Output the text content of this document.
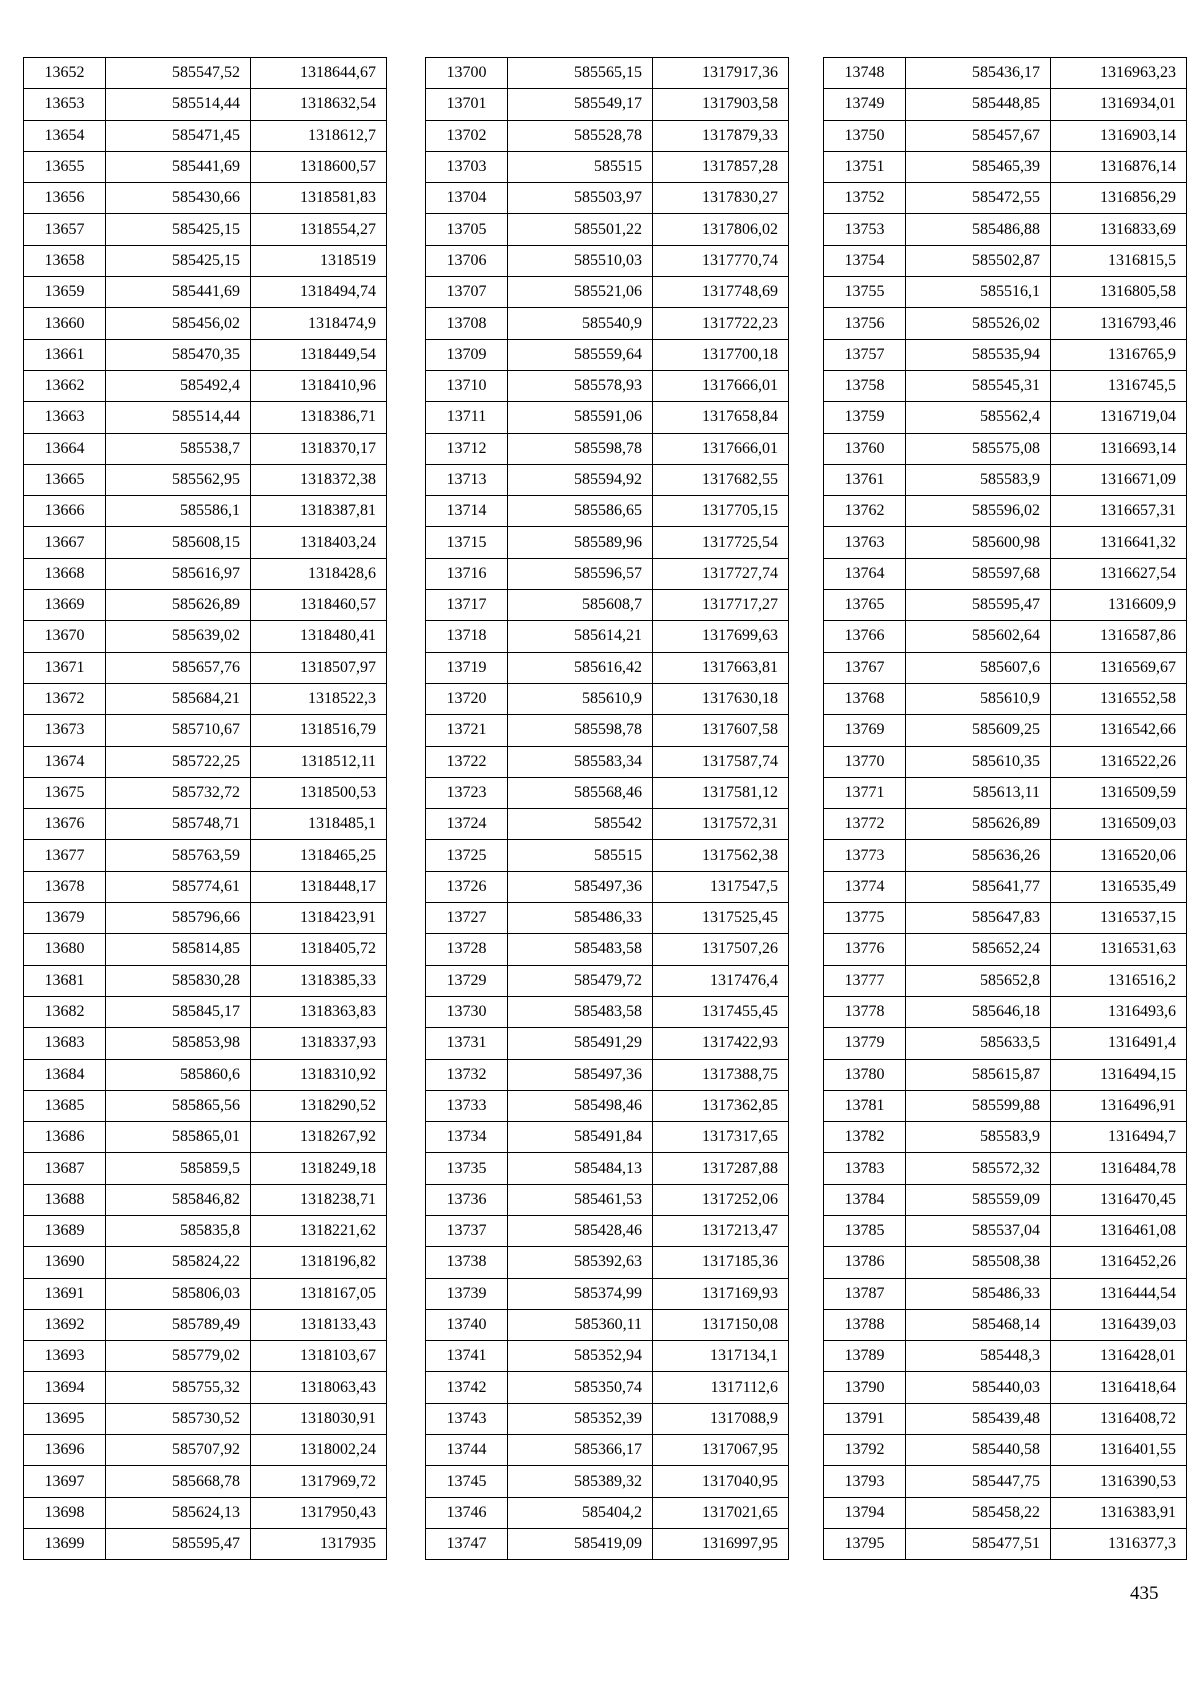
13652	585547,52	1318644,67
13653	585514,44	1318632,54
13654	585471,45	1318612,7
13655	585441,69	1318600,57
13656	585430,66	1318581,83
13657	585425,15	1318554,27
13658	585425,15	1318519
13659	585441,69	1318494,74
13660	585456,02	1318474,9
13661	585470,35	1318449,54
13662	585492,4	1318410,96
13663	585514,44	1318386,71
13664	585538,7	1318370,17
13665	585562,95	1318372,38
13666	585586,1	1318387,81
13667	585608,15	1318403,24
13668	585616,97	1318428,6
13669	585626,89	1318460,57
13670	585639,02	1318480,41
13671	585657,76	1318507,97
13672	585684,21	1318522,3
13673	585710,67	1318516,79
13674	585722,25	1318512,11
13675	585732,72	1318500,53
13676	585748,71	1318485,1
13677	585763,59	1318465,25
13678	585774,61	1318448,17
13679	585796,66	1318423,91
13680	585814,85	1318405,72
13681	585830,28	1318385,33
13682	585845,17	1318363,83
13683	585853,98	1318337,93
13684	585860,6	1318310,92
13685	585865,56	1318290,52
13686	585865,01	1318267,92
13687	585859,5	1318249,18
13688	585846,82	1318238,71
13689	585835,8	1318221,62
13690	585824,22	1318196,82
13691	585806,03	1318167,05
13692	585789,49	1318133,43
13693	585779,02	1318103,67
13694	585755,32	1318063,43
13695	585730,52	1318030,91
13696	585707,92	1318002,24
13697	585668,78	1317969,72
13698	585624,13	1317950,43
13699	585595,47	1317935
13700	585565,15	1317917,36
13701	585549,17	1317903,58
13702	585528,78	1317879,33
13703	585515	1317857,28
13704	585503,97	1317830,27
13705	585501,22	1317806,02
13706	585510,03	1317770,74
13707	585521,06	1317748,69
13708	585540,9	1317722,23
13709	585559,64	1317700,18
13710	585578,93	1317666,01
13711	585591,06	1317658,84
13712	585598,78	1317666,01
13713	585594,92	1317682,55
13714	585586,65	1317705,15
13715	585589,96	1317725,54
13716	585596,57	1317727,74
13717	585608,7	1317717,27
13718	585614,21	1317699,63
13719	585616,42	1317663,81
13720	585610,9	1317630,18
13721	585598,78	1317607,58
13722	585583,34	1317587,74
13723	585568,46	1317581,12
13724	585542	1317572,31
13725	585515	1317562,38
13726	585497,36	1317547,5
13727	585486,33	1317525,45
13728	585483,58	1317507,26
13729	585479,72	1317476,4
13730	585483,58	1317455,45
13731	585491,29	1317422,93
13732	585497,36	1317388,75
13733	585498,46	1317362,85
13734	585491,84	1317317,65
13735	585484,13	1317287,88
13736	585461,53	1317252,06
13737	585428,46	1317213,47
13738	585392,63	1317185,36
13739	585374,99	1317169,93
13740	585360,11	1317150,08
13741	585352,94	1317134,1
13742	585350,74	1317112,6
13743	585352,39	1317088,9
13744	585366,17	1317067,95
13745	585389,32	1317040,95
13746	585404,2	1317021,65
13747	585419,09	1316997,95
13748	585436,17	1316963,23
13749	585448,85	1316934,01
13750	585457,67	1316903,14
13751	585465,39	1316876,14
13752	585472,55	1316856,29
13753	585486,88	1316833,69
13754	585502,87	1316815,5
13755	585516,1	1316805,58
13756	585526,02	1316793,46
13757	585535,94	1316765,9
13758	585545,31	1316745,5
13759	585562,4	1316719,04
13760	585575,08	1316693,14
13761	585583,9	1316671,09
13762	585596,02	1316657,31
13763	585600,98	1316641,32
13764	585597,68	1316627,54
13765	585595,47	1316609,9
13766	585602,64	1316587,86
13767	585607,6	1316569,67
13768	585610,9	1316552,58
13769	585609,25	1316542,66
13770	585610,35	1316522,26
13771	585613,11	1316509,59
13772	585626,89	1316509,03
13773	585636,26	1316520,06
13774	585641,77	1316535,49
13775	585647,83	1316537,15
13776	585652,24	1316531,63
13777	585652,8	1316516,2
13778	585646,18	1316493,6
13779	585633,5	1316491,4
13780	585615,87	1316494,15
13781	585599,88	1316496,91
13782	585583,9	1316494,7
13783	585572,32	1316484,78
13784	585559,09	1316470,45
13785	585537,04	1316461,08
13786	585508,38	1316452,26
13787	585486,33	1316444,54
13788	585468,14	1316439,03
13789	585448,3	1316428,01
13790	585440,03	1316418,64
13791	585439,48	1316408,72
13792	585440,58	1316401,55
13793	585447,75	1316390,53
13794	585458,22	1316383,91
13795	585477,51	1316377,3
435
